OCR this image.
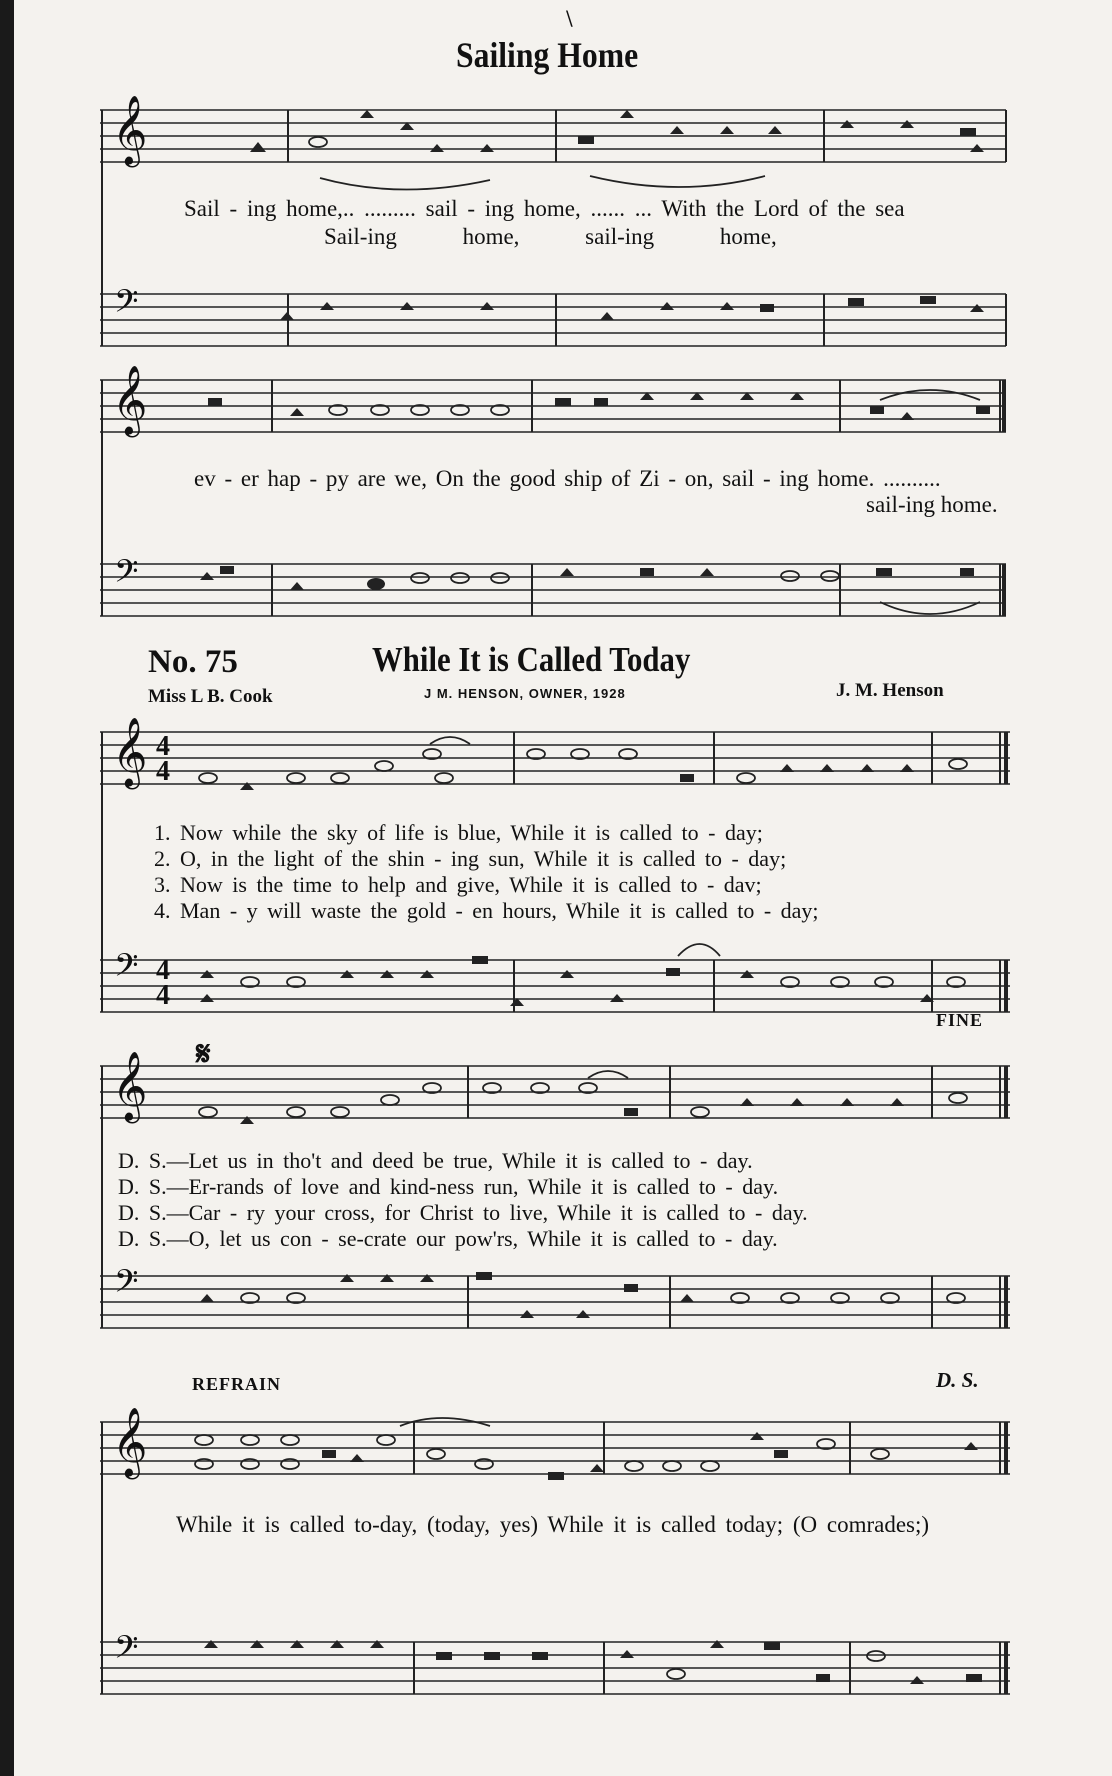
\
Sailing Home
𝄞
𝄢
Sail - ing home,.. ......... sail - ing home, ...... ... With the Lord of the sea
Sail-ing home, sail-ing home,
𝄞
𝄢
ev - er hap - py are we, On the good ship of Zi - on, sail - ing home. ..........
sail-ing home.
No. 75	While It is Called Today
Miss L B. Cook	J M. HENSON, OWNER, 1928	J. M. Henson
𝄞 4
4
𝄢 4
4
1. Now while the sky of life is blue, While it is called to - day;
2. O, in the light of the shin - ing sun, While it is called to - day;
3. Now is the time to help and give, While it is called to - dav;
4. Man - y will waste the gold - en hours, While it is called to - day;
FINE
𝄋
𝄞
𝄢
D. S.—Let us in tho't and deed be true, While it is called to - day.
D. S.—Er-rands of love and kind-ness run, While it is called to - day.
D. S.—Car - ry your cross, for Christ to live, While it is called to - day.
D. S.—O, let us con - se-crate our pow'rs, While it is called to - day.
REFRAIN	D. S.
𝄞
𝄢
While it is called to-day, (today, yes) While it is called today; (O comrades;)
